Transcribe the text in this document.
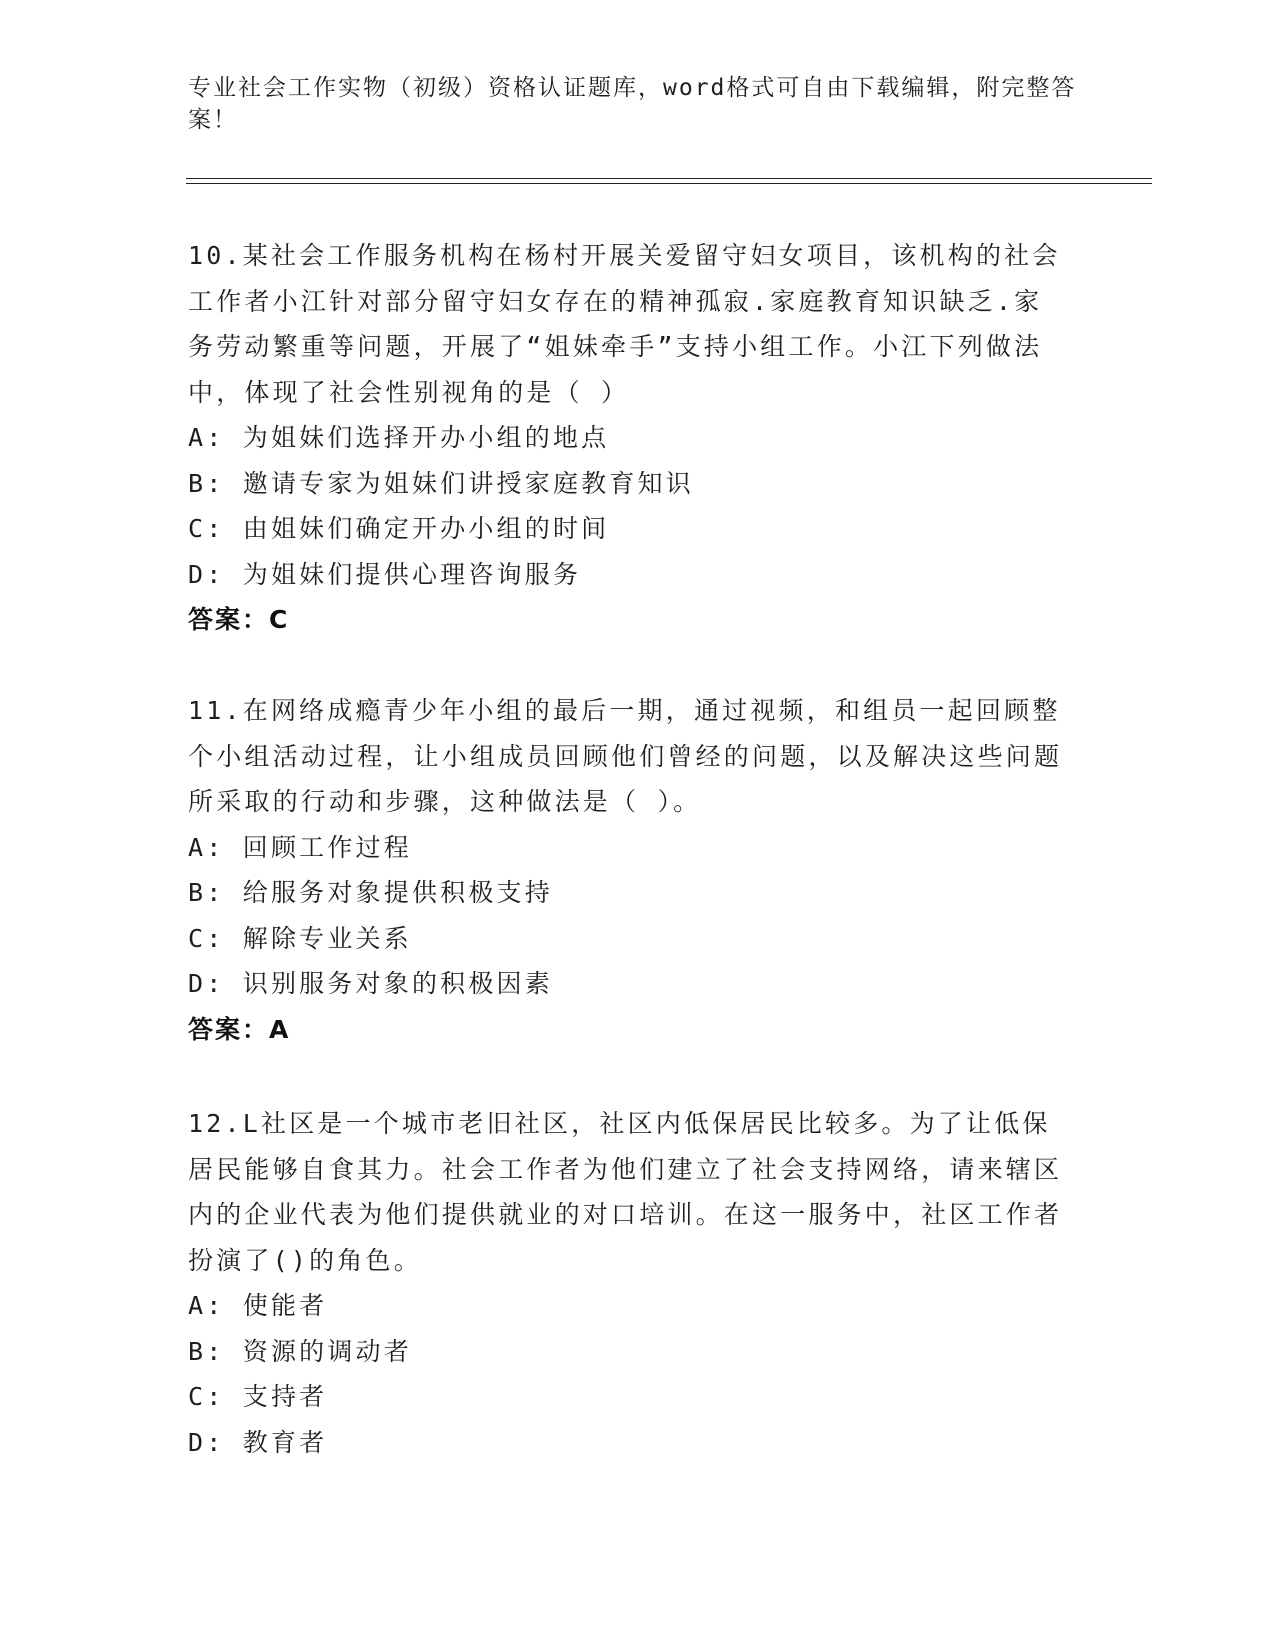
专业社会工作实物（初级）资格认证题库，word格式可自由下载编辑，附完整答案！
10.某社会工作服务机构在杨村开展关爱留守妇女项目，该机构的社会工作者小江针对部分留守妇女存在的精神孤寂.家庭教育知识缺乏.家务劳动繁重等问题，开展了“姐妹牵手”支持小组工作。小江下列做法中，体现了社会性别视角的是（ ）
A: 为姐妹们选择开办小组的地点
B: 邀请专家为姐妹们讲授家庭教育知识
C: 由姐妹们确定开办小组的时间
D: 为姐妹们提供心理咨询服务
答案：C
11.在网络成瘾青少年小组的最后一期，通过视频，和组员一起回顾整个小组活动过程，让小组成员回顾他们曾经的问题，以及解决这些问题所采取的行动和步骤，这种做法是（ ）。
A: 回顾工作过程
B: 给服务对象提供积极支持
C: 解除专业关系
D: 识别服务对象的积极因素
答案：A
12.L社区是一个城市老旧社区，社区内低保居民比较多。为了让低保居民能够自食其力。社会工作者为他们建立了社会支持网络，请来辖区内的企业代表为他们提供就业的对口培训。在这一服务中，社区工作者扮演了()的角色。
A: 使能者
B: 资源的调动者
C: 支持者
D: 教育者
